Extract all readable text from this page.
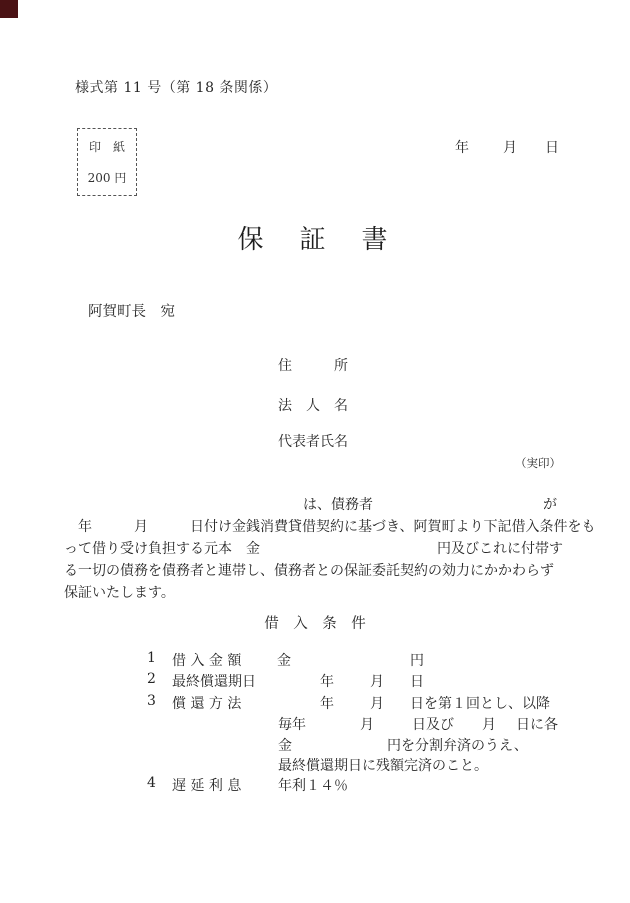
様式第 11 号（第 18 条関係）
印　紙
200 円
年 月 日
保　証　書
阿賀町長　宛
住　　　所
法　人　名
代表者氏名
（実印）
は、債務者	が
年	月	日付け金銭消費貸借契約に基づき、阿賀町より下記借入条件をも
って借り受け負担する元本　金	円及びこれに付帯す
る一切の債務を債務者と連帯し、債務者との保証委託契約の効力にかかわらず
保証いたします。
借　入　条　件
1 借 入 金 額	金	円
2 最終償還期日	年	月 日
3 償 還 方 法	年	月 日を第１回とし、以降
毎年	月	日及び 月 日に各
金	円を分割弁済のうえ、
最終償還期日に残額完済のこと。
4 遅 延 利 息	年利１４％
